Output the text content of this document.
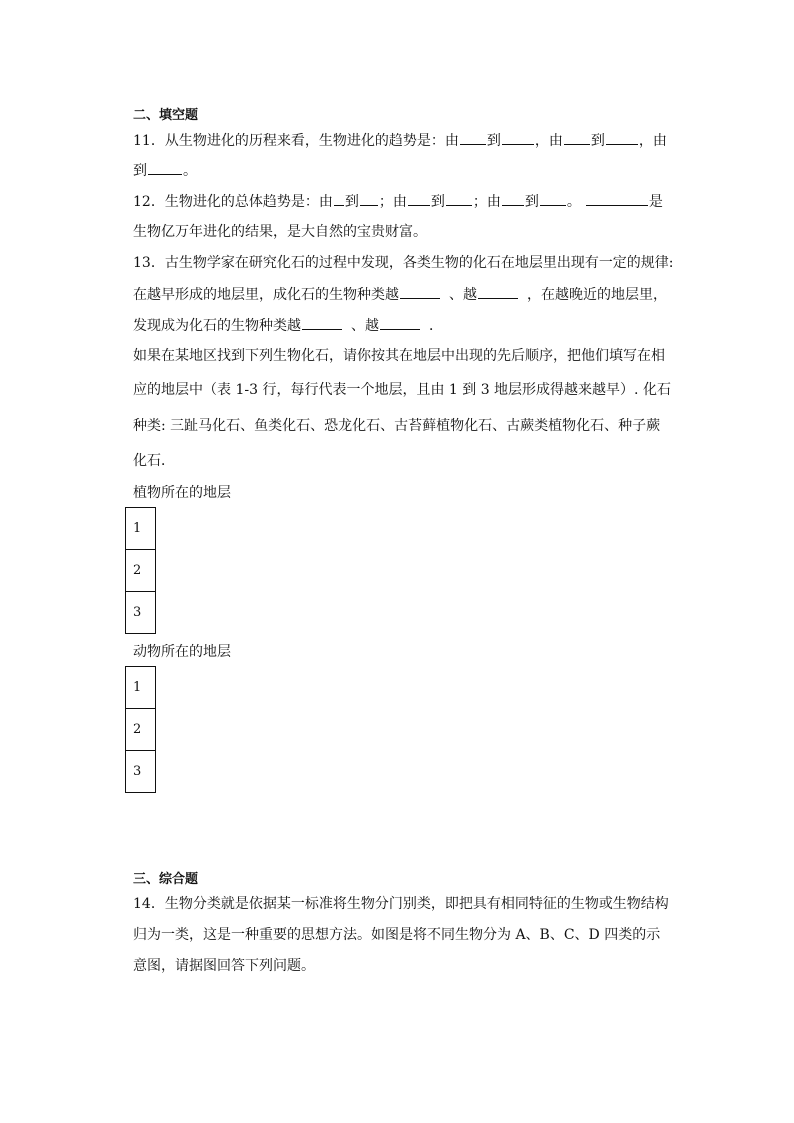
二、填空题
11．从生物进化的历程来看，生物进化的趋势是：由 到 ，由 到 ，由
到	。
12．生物进化的总体趋势是：由 到 ；由 到 ；由 到 。	是
生物亿万年进化的结果，是大自然的宝贵财富。
13．古生物学家在研究化石的过程中发现，各类生物的化石在地层里出现有一定的规律:
在越早形成的地层里，成化石的生物种类越	、越	，在越晚近的地层里，
发现成为化石的生物种类越	、越	．
如果在某地区找到下列生物化石，请你按其在地层中出现的先后顺序，把他们填写在相
应的地层中（表 1-3 行，每行代表一个地层，且由 1 到 3 地层形成得越来越早）. 化石
种类: 三趾马化石、鱼类化石、恐龙化石、古苔藓植物化石、古蕨类植物化石、种子蕨
化石．
植物所在的地层
1
2
3
动物所在的地层
1
2
3
三、综合题
14．生物分类就是依据某一标准将生物分门别类，即把具有相同特征的生物或生物结构
归为一类，这是一种重要的思想方法。如图是将不同生物分为 A、B、C、D 四类的示
意图，请据图回答下列问题。
